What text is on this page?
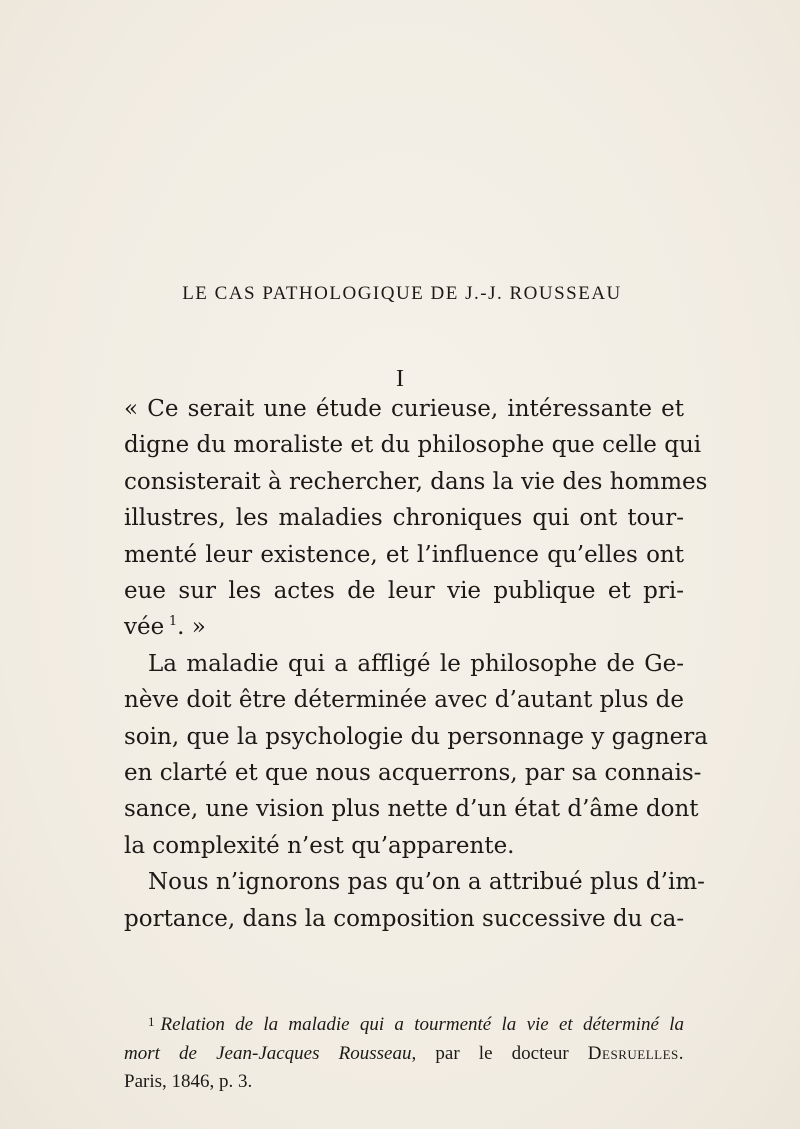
LE CAS PATHOLOGIQUE DE J.-J. ROUSSEAU
I
« Ce serait une étude curieuse, intéressante et
digne du moraliste et du philosophe que celle qui
consisterait à rechercher, dans la vie des hommes
illustres, les maladies chroniques qui ont tour-
menté leur existence, et l’influence qu’elles ont
eue sur les actes de leur vie publique et pri-
vée  $^1$. »
La maladie qui a affligé le philosophe de Ge-
nève doit être déterminée avec d’autant plus de
soin, que la psychologie du personnage y gagnera
en clarté et que nous acquerrons, par sa connais-
sance, une vision plus nette d’un état d’âme dont
la complexité n’est qu’apparente.
Nous n’ignorons pas qu’on a attribué plus d’im-
portance, dans la composition successive du ca-
$^1$ Relation de la maladie qui a tourmenté la vie et déterminé la
mort de Jean-Jacques Rousseau, par le docteur Desruelles.
Paris, 1846, p. 3.
